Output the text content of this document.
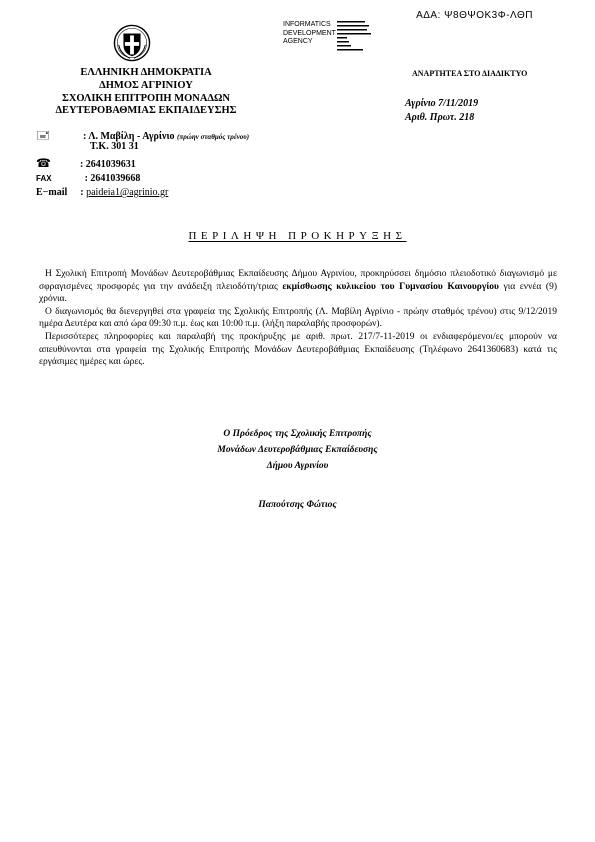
ΑΔΑ: Ψ8ΘΨΟΚ3Φ-ΛΘΠ
INFORMATICS
DEVELOPMENT
AGENCY
ΕΛΛΗΝΙΚΗ ΔΗΜΟΚΡΑΤΙΑ
ΔΗΜΟΣ ΑΓΡΙΝΙΟΥ
ΣΧΟΛΙΚΗ ΕΠΙΤΡΟΠΗ ΜΟΝΑΔΩΝ
ΔΕΥΤΕΡΟΒΑΘΜΙΑΣ ΕΚΠΑΙΔΕΥΣΗΣ
ΑΝΑΡΤΗΤΕΑ ΣΤΟ ΔΙΑΔΙΚΤΥΟ
Αγρίνιο 7/11/2019
Αριθ. Πρωτ. 218
🖃	: Λ. Μαβίλη - Αγρίνιο (πρώην σταθμός τρένου)
Τ.Κ. 301 31
☎	: 2641039631
FAX	: 2641039668
E−mail : paideia1@agrinio.gr
ΠΕΡΙΛΗΨΗ ΠΡΟΚΗΡΥΞΗΣ

Η Σχολική Επιτροπή Μονάδων Δευτεροβάθμιας Εκπαίδευσης Δήμου Αγρινίου, προκηρύσσει δημόσιο πλειοδοτικό διαγωνισμό με σφραγισμένες προσφορές για την ανάδειξη πλειοδότη/τριας εκμίσθωσης κυλικείου του Γυμνασίου Καινουργίου για εννέα (9) χρόνια.

Ο διαγωνισμός θα διενεργηθεί στα γραφεία της Σχολικής Επιτροπής (Λ. Μαβίλη Αγρίνιο - πρώην σταθμός τρένου) στις 9/12/2019 ημέρα Δευτέρα και από ώρα 09:30 π.μ. έως και 10:00 π.μ. (λήξη παραλαβής προσφορών).

Περισσότερες πληροφορίες και παραλαβή της προκήρυξης με αριθ. πρωτ. 217/7-11-2019 οι ενδιαφερόμενοι/ες μπορούν να απευθύνονται στα γραφεία της Σχολικής Επιτροπής Μονάδων Δευτεροβάθμιας Εκπαίδευσης (Τηλέφωνο 2641360683) κατά τις εργάσιμες ημέρες και ώρες.

Ο Πρόεδρος της Σχολικής Επιτροπής
Μονάδων Δευτεροβάθμιας Εκπαίδευσης
Δήμου Αγρινίου
Παπούτσης Φώτιος
